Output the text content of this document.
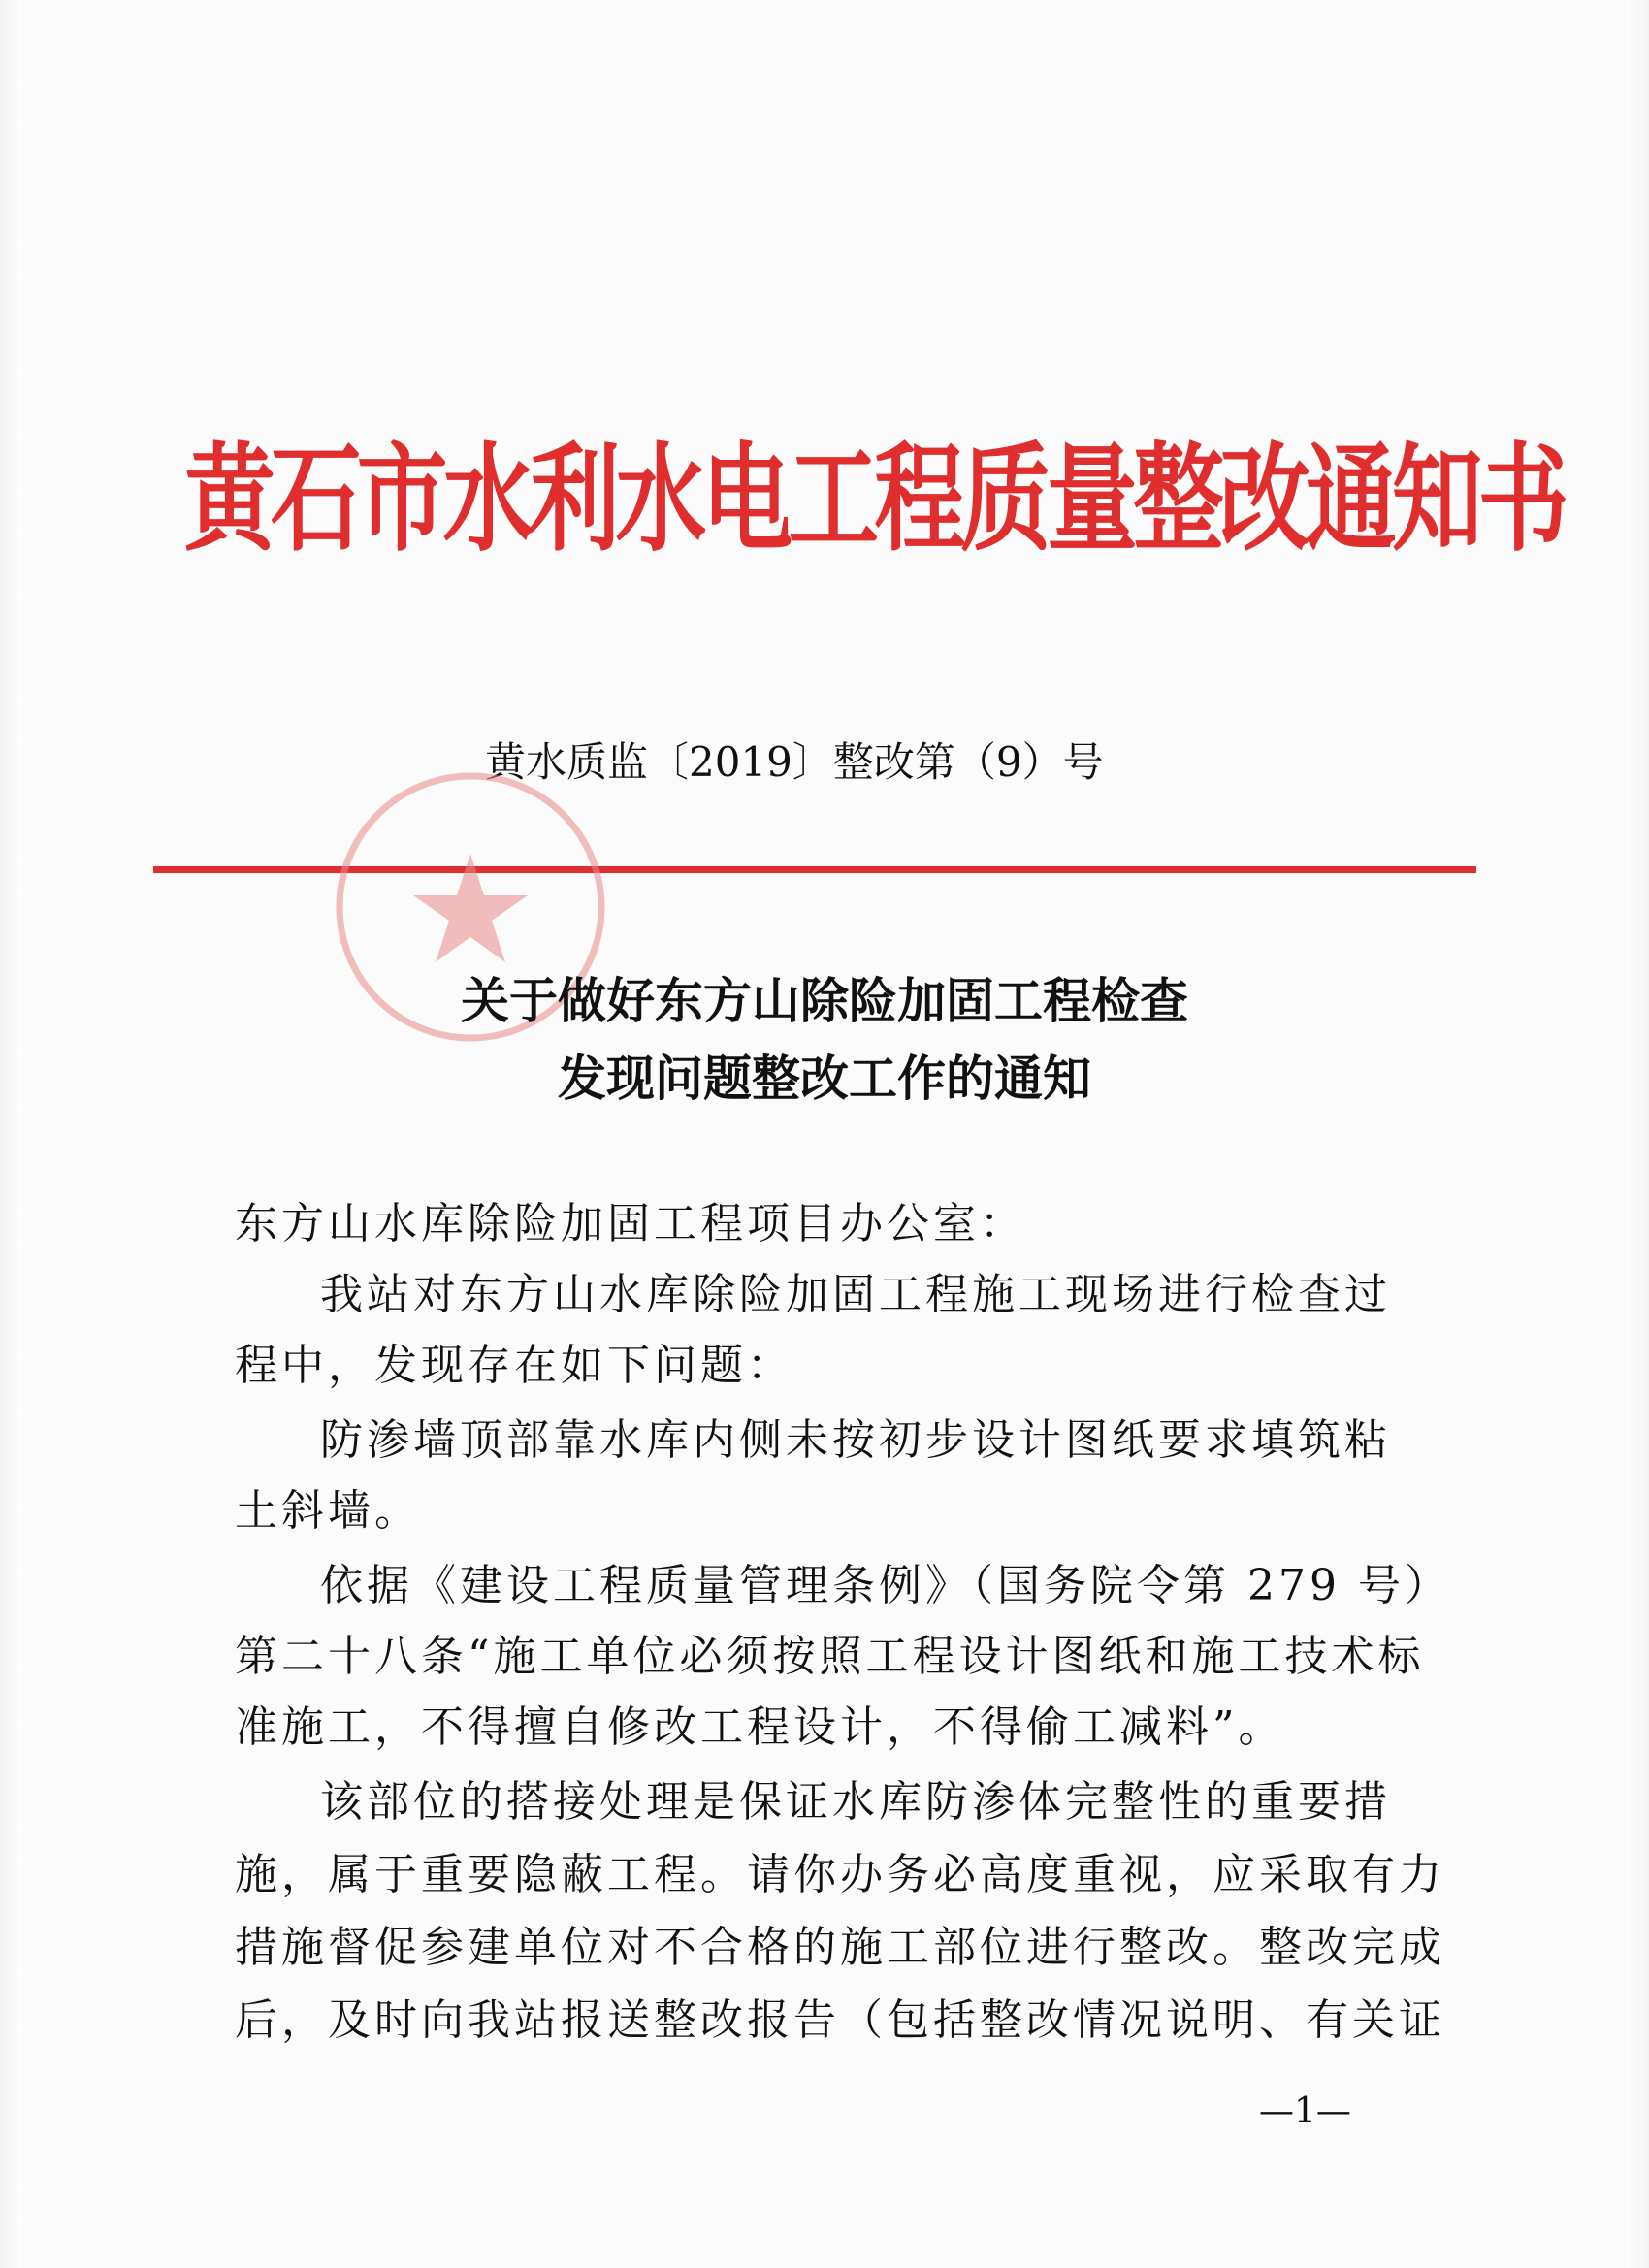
黄石市水利水电工程质量整改通知书
黄水质监〔2019〕整改第（9）号
关于做好东方山除险加固工程检查
发现问题整改工作的通知
东方山水库除险加固工程项目办公室：
我站对东方山水库除险加固工程施工现场进行检查过
程中，发现存在如下问题：
防渗墙顶部靠水库内侧未按初步设计图纸要求填筑粘
土斜墙。
依据《建设工程质量管理条例》（国务院令第 279 号）
第二十八条“施工单位必须按照工程设计图纸和施工技术标
准施工，不得擅自修改工程设计，不得偷工减料”。
该部位的搭接处理是保证水库防渗体完整性的重要措
施，属于重要隐蔽工程。请你办务必高度重视，应采取有力
措施督促参建单位对不合格的施工部位进行整改。整改完成
后，及时向我站报送整改报告（包括整改情况说明、有关证
—1—
